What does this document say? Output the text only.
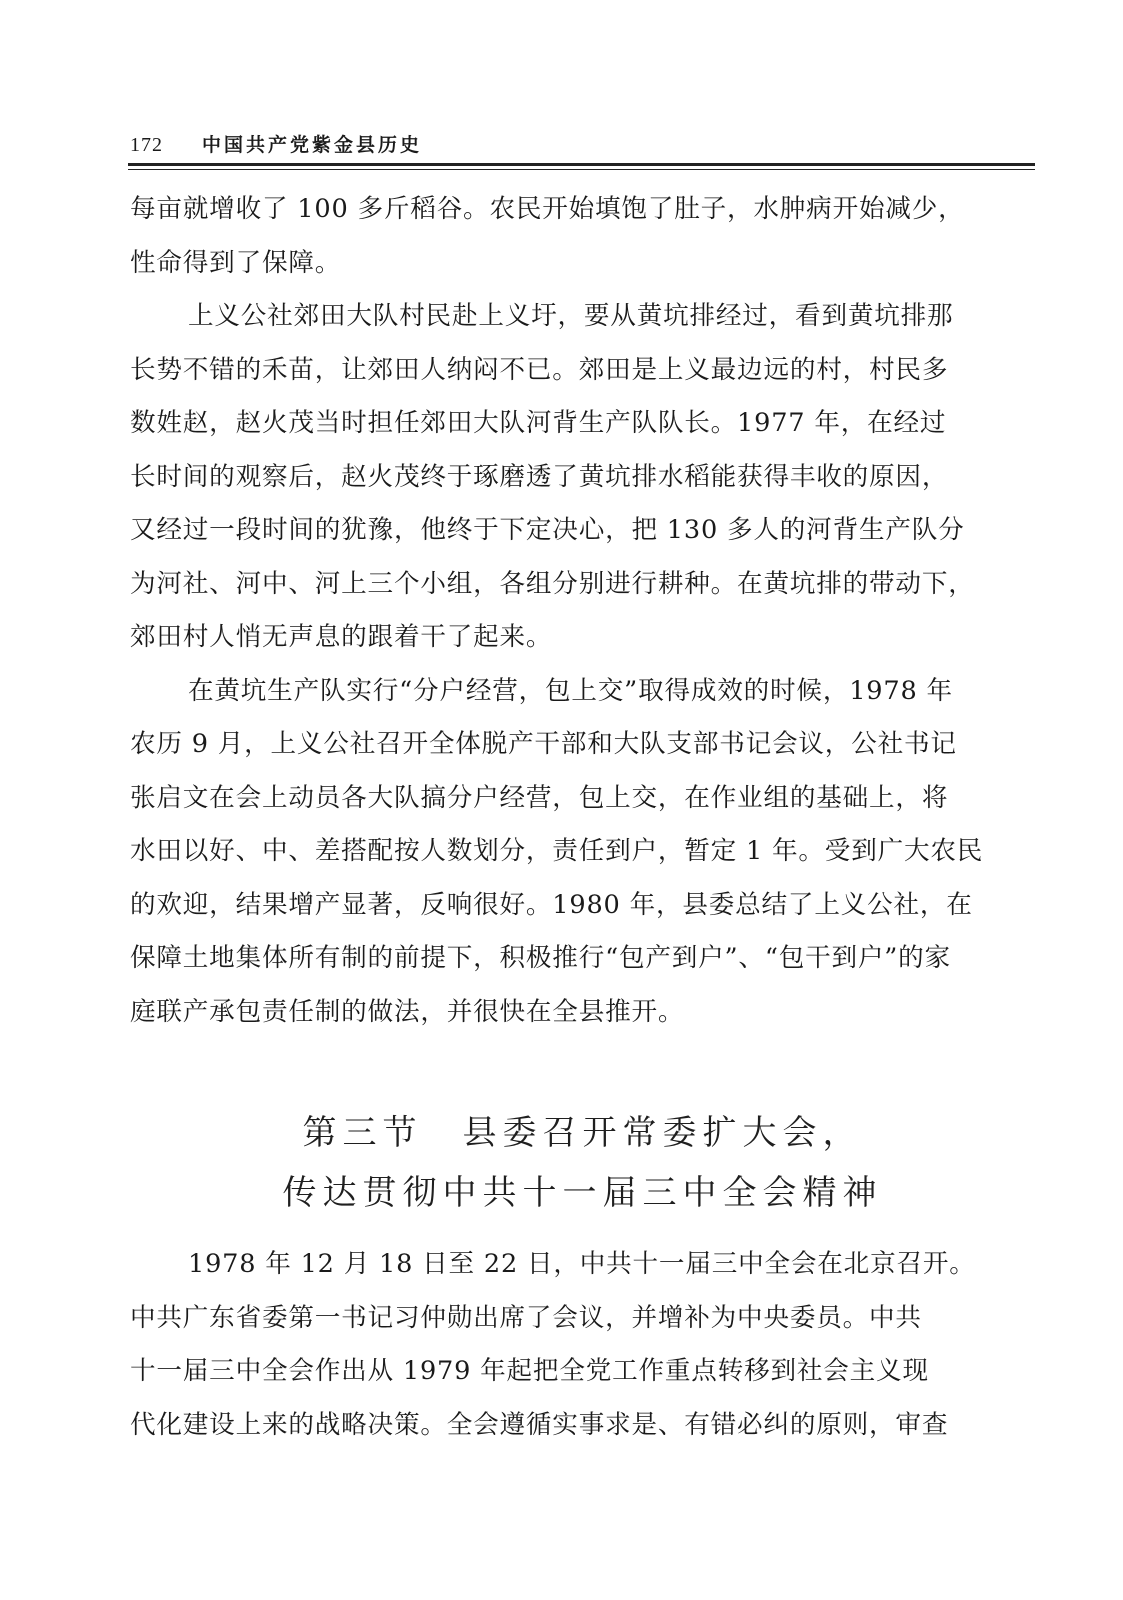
172 中国共产党紫金县历史
每亩就增收了 100 多斤稻谷。农民开始填饱了肚子，水肿病开始减少，
性命得到了保障。
上义公社郊田大队村民赴上义圩，要从黄坑排经过，看到黄坑排那
长势不错的禾苗，让郊田人纳闷不已。郊田是上义最边远的村，村民多
数姓赵，赵火茂当时担任郊田大队河背生产队队长。1977 年，在经过
长时间的观察后，赵火茂终于琢磨透了黄坑排水稻能获得丰收的原因，
又经过一段时间的犹豫，他终于下定决心，把 130 多人的河背生产队分
为河社、河中、河上三个小组，各组分别进行耕种。在黄坑排的带动下，
郊田村人悄无声息的跟着干了起来。
在黄坑生产队实行“分户经营，包上交”取得成效的时候，1978 年
农历 9 月，上义公社召开全体脱产干部和大队支部书记会议，公社书记
张启文在会上动员各大队搞分户经营，包上交，在作业组的基础上，将
水田以好、中、差搭配按人数划分，责任到户，暂定 1 年。受到广大农民
的欢迎，结果增产显著，反响很好。1980 年，县委总结了上义公社，在
保障土地集体所有制的前提下，积极推行“包产到户”、“包干到户”的家
庭联产承包责任制的做法，并很快在全县推开。
第三节 县委召开常委扩大会，
传达贯彻中共十一届三中全会精神
1978 年 12 月 18 日至 22 日，中共十一届三中全会在北京召开。
中共广东省委第一书记习仲勋出席了会议，并增补为中央委员。中共
十一届三中全会作出从 1979 年起把全党工作重点转移到社会主义现
代化建设上来的战略决策。全会遵循实事求是、有错必纠的原则，审查
